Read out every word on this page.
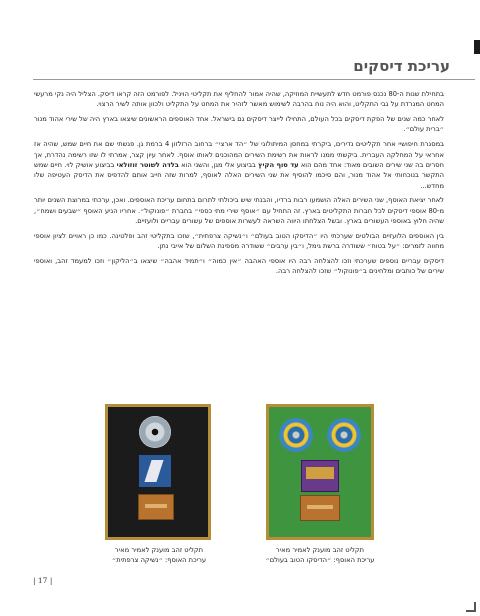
עריכת דיסקים

בתחילת שנות ה-80 נכנס פורמט חדש לתעשיית המוזיקה, שהיה אמור להחליף את תקליטי הויניל. לפורמט הזה קראו דיסק. הצליל היה נקי מרעשי המחט המגרדת על גבי התקליט, והוא היה נוח בהרבה לשימוש מאשר לזהיר את המחט על התקליט ולכוון אותה לשיר הרצוי.

לאחר כמה שנים של הפקת דיסקים בכל העולם, התחילו לייצר דיסקים גם בישראל. אחד האוספים הראשונים שיצאו בארץ היה של שירי אהוד מנור ״ברית עולם״.

במסגרת חיפושיי אחר תקליטים נדירים, ביקרתי במחסן המיתולוגי של ״הד ארצי״ ברחוב הרזלזון 4 ברמת גן. פגשתי שם את חיים שמש, שהיה אז אחראי על המחלקה העברית. ביקשתי ממנו לראות את רשימת השירים המהוכנים לאותו אוסף. לאחר עיון קצר, אמרתי לו שזו רשימה נהדרת, אך חסרים בה שני שירים השובים מאוד: אחד מהם הוא עד סוף הקיץ בביצוע אלי מגן, והשני הוא בלדה לשוטר זוזולאי בביצוע אושיק לוי. חיים שמש התקשר בנוכחותי אל אהוד מנור, והם סיכמו להוסיף את שני השירים האלה לאוסף, למרות שזה חייב אותם להדפיס את הדיסק העטיפה שלו מחדש...

לאחר יציאת האוסף, שני השירים האלה הושמעו רבות ברדיו, והבנתי שיש ביכולתי לתרום בתחום עריכת האוספים. ואכן, ערכתי במרוצת השנים יותר מ-80 אוספי דיסקים לכל חברות התקליטים בארץ. זה התחיל עם ״אוסף שירי מתי כספי״ בחברת ״פונוקול״. אחריו הגיע האוסף ״שבעים ושמח״, שהיה חלוץ באוספי העשורים בארץ. ובשל הצלחתו היווה השראה לעשרות אוספים של עשורים עבריים ולועזיים.

בין האוספים הלועזיים הבולטים שערכתי היו ״הדיסקו הטוב בעולם״ ו״נשיקה צרפתית״, שזכו בתקליטי זהב ופלטינה. כמו כן ראויים לציון אוספי מחווה לזמרים: ״על בטוח״ ששודרה ברשת גימל, ו״בין ערבים״ ששודרה מספינת השלום של אייבי נתן.

דיסקים עבריים נוספים שערכתי וזכו להצלחה רבה היו אוספי האהבה ״אין כמוה״ ו״תמיד אהבה״ שיצאו ב״הליקון״ וזכו למעמד זהב, ואוספי שירים של כותבים ומלחינים ב״פונוקול״ שזכו להצלחה רבה.

תקליט זהב מוענק לאמיר מאיר
עריכת האוסף: ״נשיקה צרפתית״
תקליט זהב מוענק לאמיר מאיר
עריכת האוסף: ״הדיסקו הטוב בעולם״
| 17 |
